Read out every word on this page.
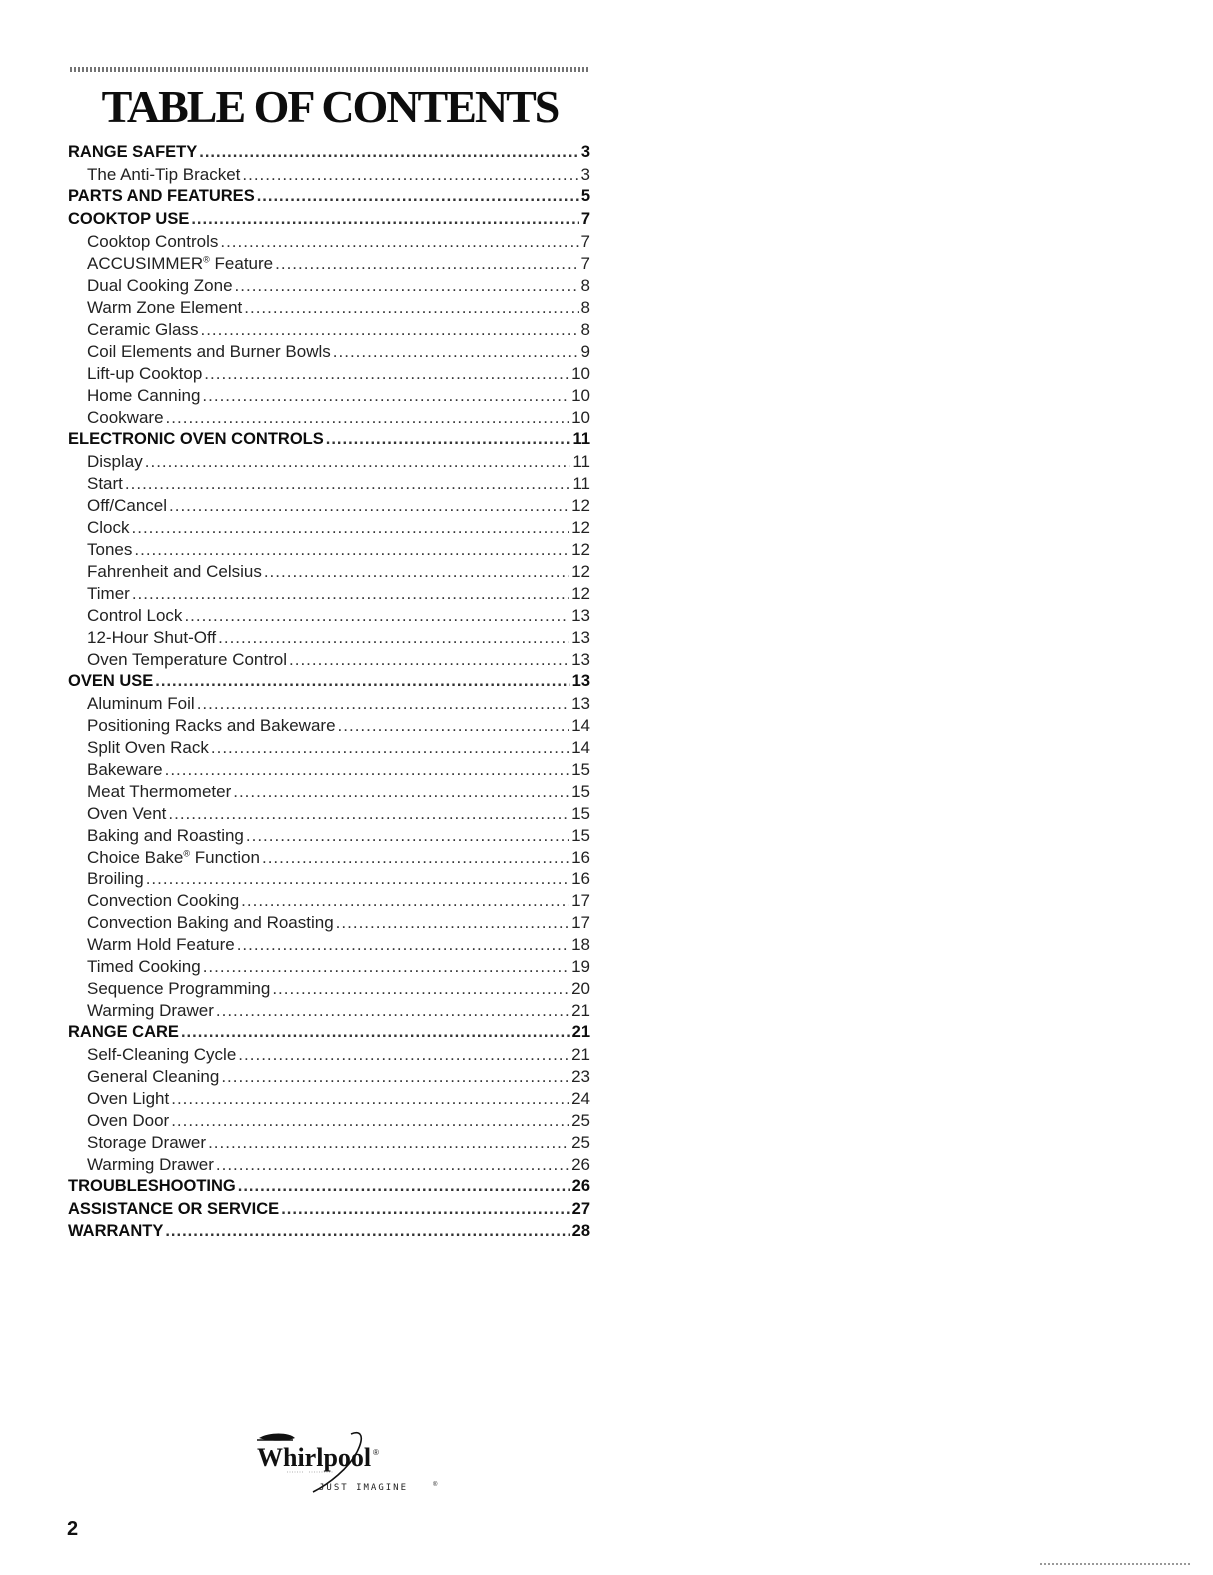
TABLE OF CONTENTS
RANGE SAFETY .....	3
The Anti-Tip Bracket .....	3
PARTS AND FEATURES .....	5
COOKTOP USE .....	7
Cooktop Controls .....	7
ACCUSIMMER® Feature .....	7
Dual Cooking Zone .....	8
Warm Zone Element .....	8
Ceramic Glass .....	8
Coil Elements and Burner Bowls .....	9
Lift-up Cooktop .....	10
Home Canning .....	10
Cookware .....	10
ELECTRONIC OVEN CONTROLS .....	11
Display .....	11
Start .....	11
Off/Cancel .....	12
Clock .....	12
Tones .....	12
Fahrenheit and Celsius .....	12
Timer .....	12
Control Lock .....	13
12-Hour Shut-Off .....	13
Oven Temperature Control .....	13
OVEN USE .....	13
Aluminum Foil .....	13
Positioning Racks and Bakeware .....	14
Split Oven Rack .....	14
Bakeware .....	15
Meat Thermometer .....	15
Oven Vent .....	15
Baking and Roasting .....	15
Choice Bake® Function .....	16
Broiling .....	16
Convection Cooking .....	17
Convection Baking and Roasting .....	17
Warm Hold Feature .....	18
Timed Cooking .....	19
Sequence Programming .....	20
Warming Drawer .....	21
RANGE CARE .....	21
Self-Cleaning Cycle .....	21
General Cleaning .....	23
Oven Light .....	24
Oven Door .....	25
Storage Drawer .....	25
Warming Drawer .....	26
TROUBLESHOOTING .....	26
ASSISTANCE OR SERVICE .....	27
WARRANTY .....	28
Whirlpool ®
JUST IMAGINE	®
2
